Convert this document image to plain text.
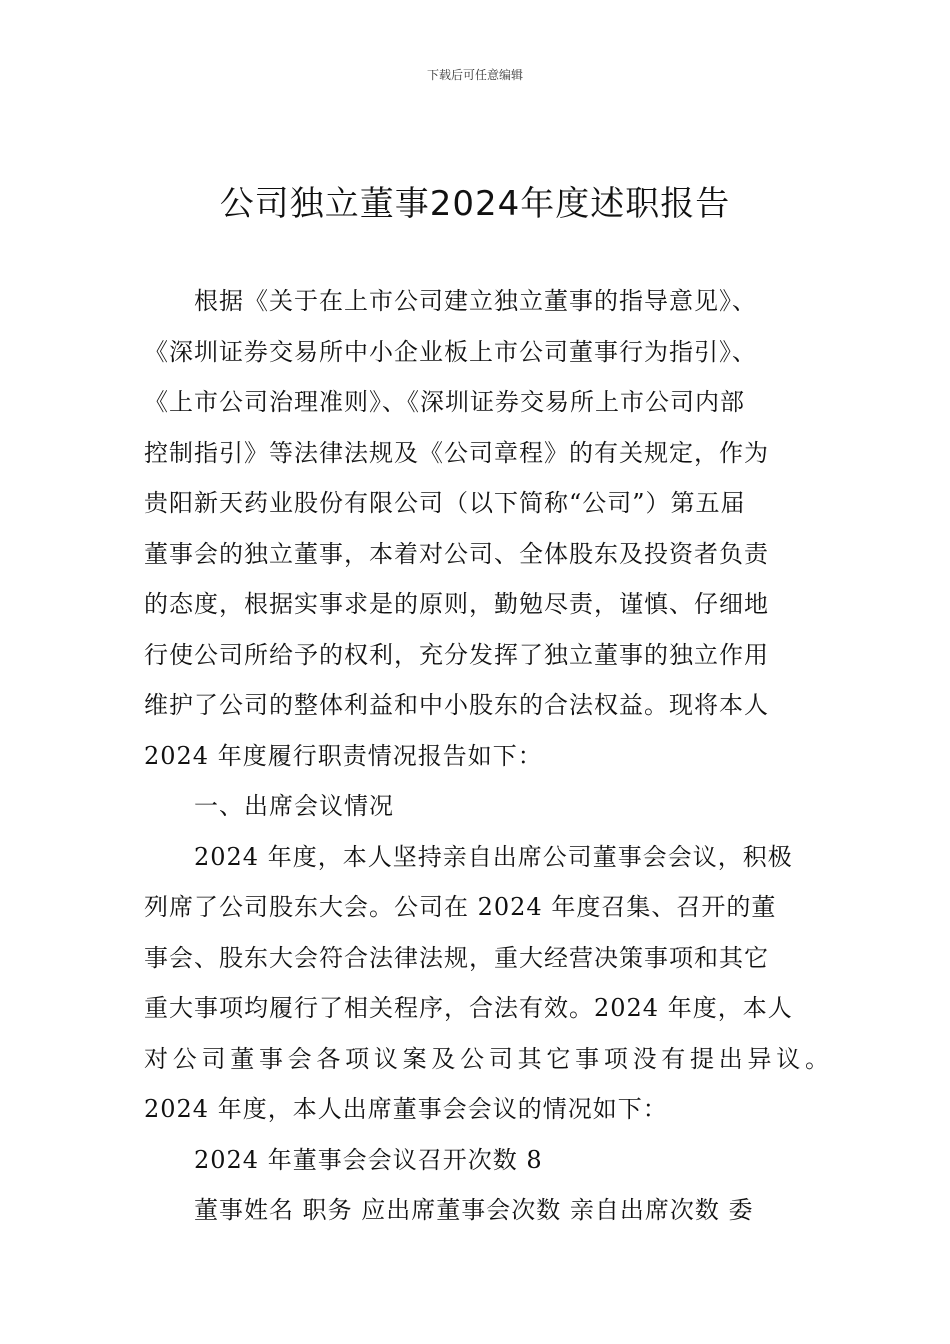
下载后可任意编辑
公司独立董事2024年度述职报告
根据《关于在上市公司建立独立董事的指导意见》、
《深圳证券交易所中小企业板上市公司董事行为指引》、
《上市公司治理准则》、《深圳证券交易所上市公司内部
控制指引》等法律法规及《公司章程》的有关规定，作为
贵阳新天药业股份有限公司（以下简称“公司”）第五届
董事会的独立董事，本着对公司、全体股东及投资者负责
的态度，根据实事求是的原则，勤勉尽责，谨慎、仔细地
行使公司所给予的权利，充分发挥了独立董事的独立作用
维护了公司的整体利益和中小股东的合法权益。现将本人
2024 年度履行职责情况报告如下：
一、出席会议情况
2024 年度，本人坚持亲自出席公司董事会会议，积极
列席了公司股东大会。公司在 2024 年度召集、召开的董
事会、股东大会符合法律法规，重大经营决策事项和其它
重大事项均履行了相关程序，合法有效。2024 年度，本人
对公司董事会各项议案及公司其它事项没有提出异议。
2024 年度，本人出席董事会会议的情况如下：
2024 年董事会会议召开次数 8
董事姓名 职务 应出席董事会次数 亲自出席次数 委
